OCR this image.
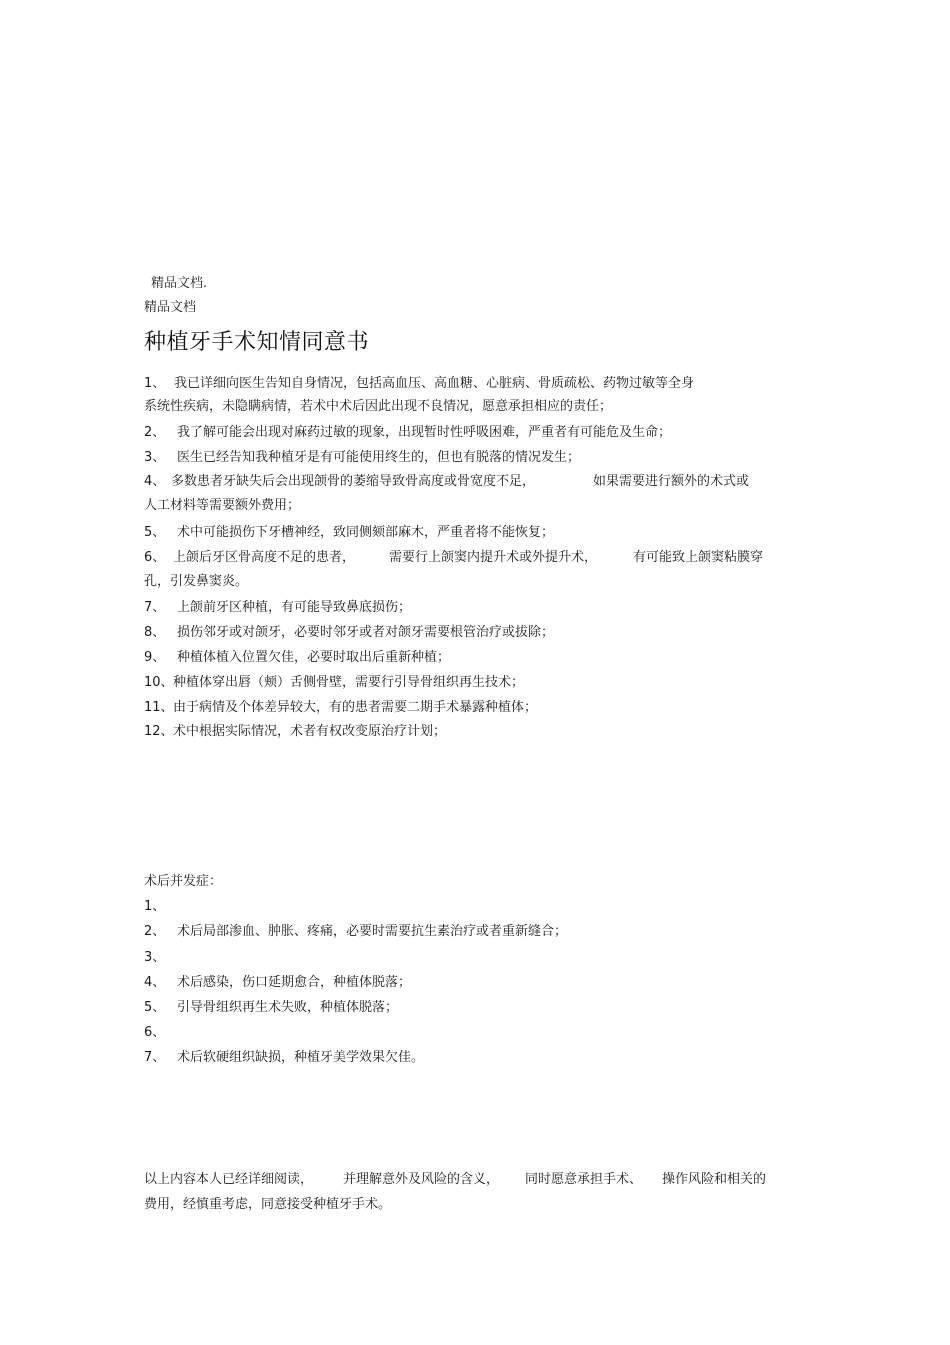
精品文档.
精品文档
种植牙手术知情同意书
1、 我已详细向医生告知自身情况，包括高血压、高血糖、心脏病、骨质疏松、药物过敏等全身
系统性疾病，未隐瞒病情，若术中术后因此出现不良情况，愿意承担相应的责任；
2、 我了解可能会出现对麻药过敏的现象，出现暂时性呼吸困难，严重者有可能危及生命；
3、 医生已经告知我种植牙是有可能使用终生的，但也有脱落的情况发生；
4、 多数患者牙缺失后会出现颌骨的萎缩导致骨高度或骨宽度不足，	如果需要进行额外的术式或
人工材料等需要额外费用；
5、 术中可能损伤下牙槽神经，致同侧颏部麻木，严重者将不能恢复；
6、 上颌后牙区骨高度不足的患者，	需要行上颌窦内提升术或外提升术，	有可能致上颌窦粘膜穿
孔，引发鼻窦炎。
7、 上颌前牙区种植，有可能导致鼻底损伤；
8、 损伤邻牙或对颌牙，必要时邻牙或者对颌牙需要根管治疗或拔除；
9、 种植体植入位置欠佳，必要时取出后重新种植；
10、种植体穿出唇（颊）舌侧骨壁，需要行引导骨组织再生技术；
11、由于病情及个体差异较大，有的患者需要二期手术暴露种植体；
12、术中根据实际情况，术者有权改变原治疗计划；
术后并发症：
1、
2、 术后局部渗血、肿胀、疼痛，必要时需要抗生素治疗或者重新缝合；
3、
4、 术后感染，伤口延期愈合，种植体脱落；
5、 引导骨组织再生术失败，种植体脱落；
6、
7、 术后软硬组织缺损，种植牙美学效果欠佳。
以上内容本人已经详细阅读， 并理解意外及风险的含义， 同时愿意承担手术、 操作风险和相关的
费用，经慎重考虑，同意接受种植牙手术。
